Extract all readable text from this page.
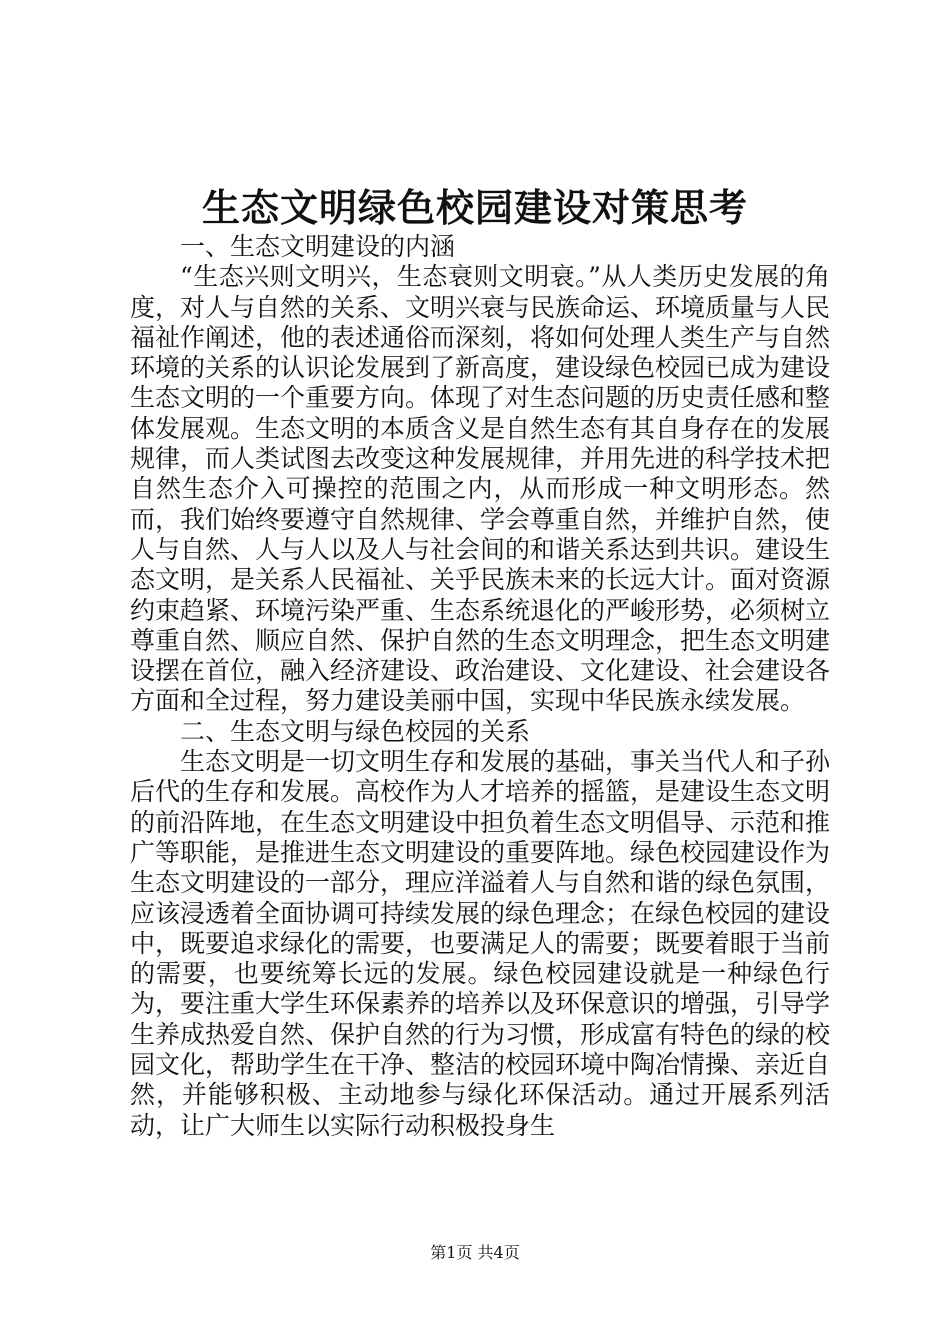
生态文明绿色校园建设对策思考

一、生态文明建设的内涵

“生态兴则文明兴，生态衰则文明衰。”从人类历史发展的角度，对人与自然的关系、文明兴衰与民族命运、环境质量与人民福祉作阐述，他的表述通俗而深刻，将如何处理人类生产与自然环境的关系的认识论发展到了新高度，建设绿色校园已成为建设生态文明的一个重要方向。体现了对生态问题的历史责任感和整体发展观。生态文明的本质含义是自然生态有其自身存在的发展规律，而人类试图去改变这种发展规律，并用先进的科学技术把自然生态介入可操控的范围之内，从而形成一种文明形态。然而，我们始终要遵守自然规律、学会尊重自然，并维护自然，使人与自然、人与人以及人与社会间的和谐关系达到共识。建设生态文明，是关系人民福祉、关乎民族未来的长远大计。面对资源约束趋紧、环境污染严重、生态系统退化的严峻形势，必须树立尊重自然、顺应自然、保护自然的生态文明理念，把生态文明建设摆在首位，融入经济建设、政治建设、文化建设、社会建设各方面和全过程，努力建设美丽中国，实现中华民族永续发展。

二、生态文明与绿色校园的关系

生态文明是一切文明生存和发展的基础，事关当代人和子孙后代的生存和发展。高校作为人才培养的摇篮，是建设生态文明的前沿阵地，在生态文明建设中担负着生态文明倡导、示范和推广等职能，是推进生态文明建设的重要阵地。绿色校园建设作为生态文明建设的一部分，理应洋溢着人与自然和谐的绿色氛围，应该浸透着全面协调可持续发展的绿色理念；在绿色校园的建设中，既要追求绿化的需要，也要满足人的需要；既要着眼于当前的需要，也要统筹长远的发展。绿色校园建设就是一种绿色行为，要注重大学生环保素养的培养以及环保意识的增强，引导学生养成热爱自然、保护自然的行为习惯，形成富有特色的绿的校园文化，帮助学生在干净、整洁的校园环境中陶冶情操、亲近自然，并能够积极、主动地参与绿化环保活动。通过开展系列活动，让广大师生以实际行动积极投身生

第1页 共4页
